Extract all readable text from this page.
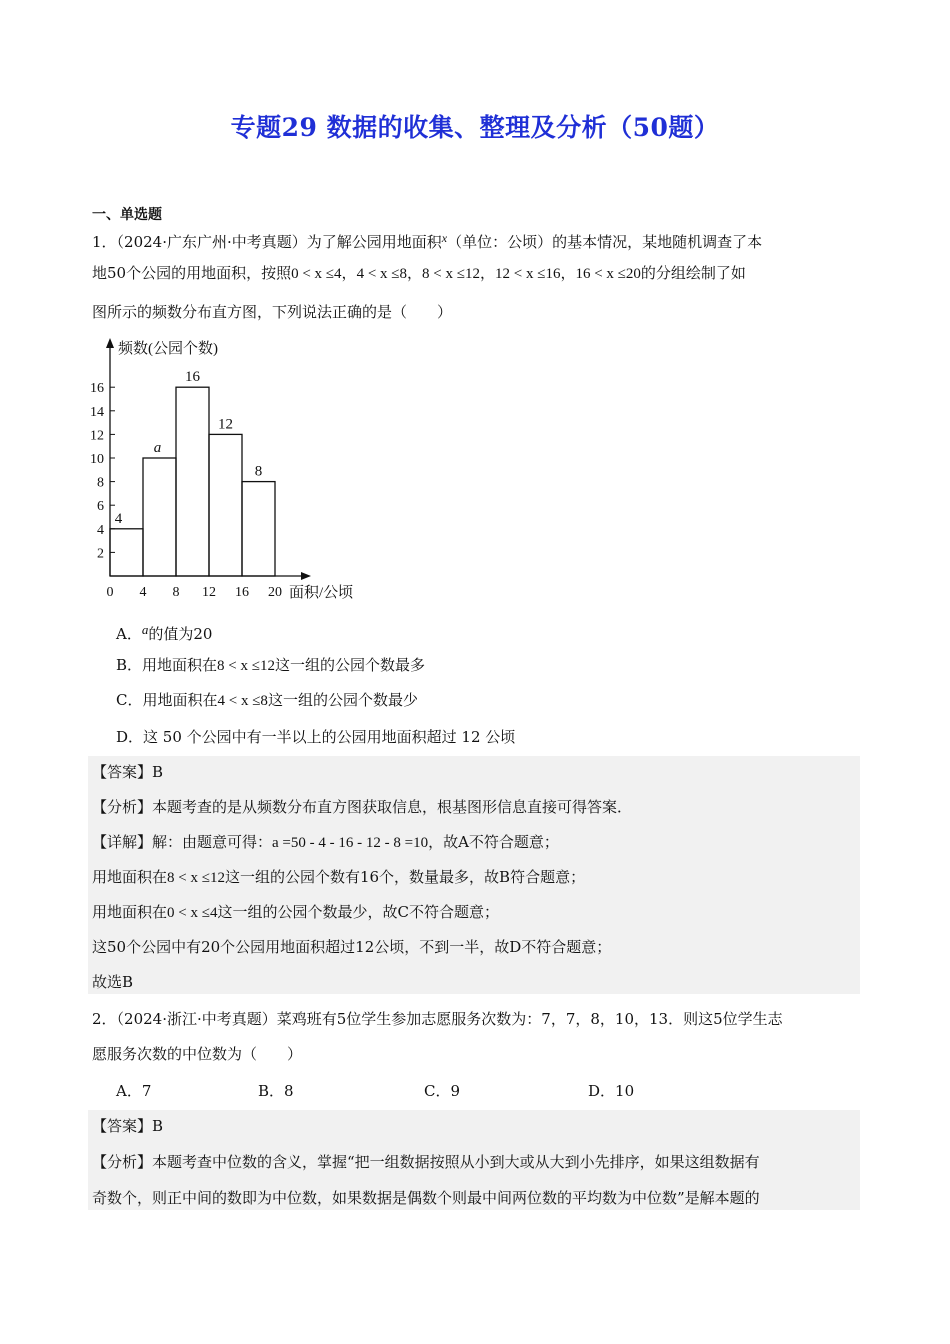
专题29 数据的收集、整理及分析（50题）
一、单选题
1．（2024·广东广州·中考真题）为了解公园用地面积$^x$（单位：公顷）的基本情况，某地随机调查了本
地50个公园的用地面积，按照0 < x ≤4，4 < x ≤8，8 < x ≤12，12 < x ≤16，16 < x ≤20的分组绘制了如
图所示的频数分布直方图，下列说法正确的是（　　）
频数(公园个数)
面积/公顷
2
4
6
8
10
12
14
16
0 4 8 12 16 20
4
a
16
12
8
A．a的值为20
B．用地面积在8 < x ≤12这一组的公园个数最多
C．用地面积在4 < x ≤8这一组的公园个数最少
D．这 50 个公园中有一半以上的公园用地面积超过 12 公顷
【答案】B
【分析】本题考查的是从频数分布直方图获取信息，根基图形信息直接可得答案．
【详解】解：由题意可得：a =50 - 4 - 16 - 12 - 8 =10，故A不符合题意；
用地面积在8 < x ≤12这一组的公园个数有16个，数量最多，故B符合题意；
用地面积在0 < x ≤4这一组的公园个数最少，故C不符合题意；
这50个公园中有20个公园用地面积超过12公顷，不到一半，故D不符合题意；
故选B
2．（2024·浙江·中考真题）菜鸡班有5位学生参加志愿服务次数为：7，7，8，10，13．则这5位学生志
愿服务次数的中位数为（　　）
A．7	B．8	C．9	D．10
【答案】B
【分析】本题考查中位数的含义，掌握“把一组数据按照从小到大或从大到小先排序，如果这组数据有
奇数个，则正中间的数即为中位数，如果数据是偶数个则最中间两位数的平均数为中位数”是解本题的
